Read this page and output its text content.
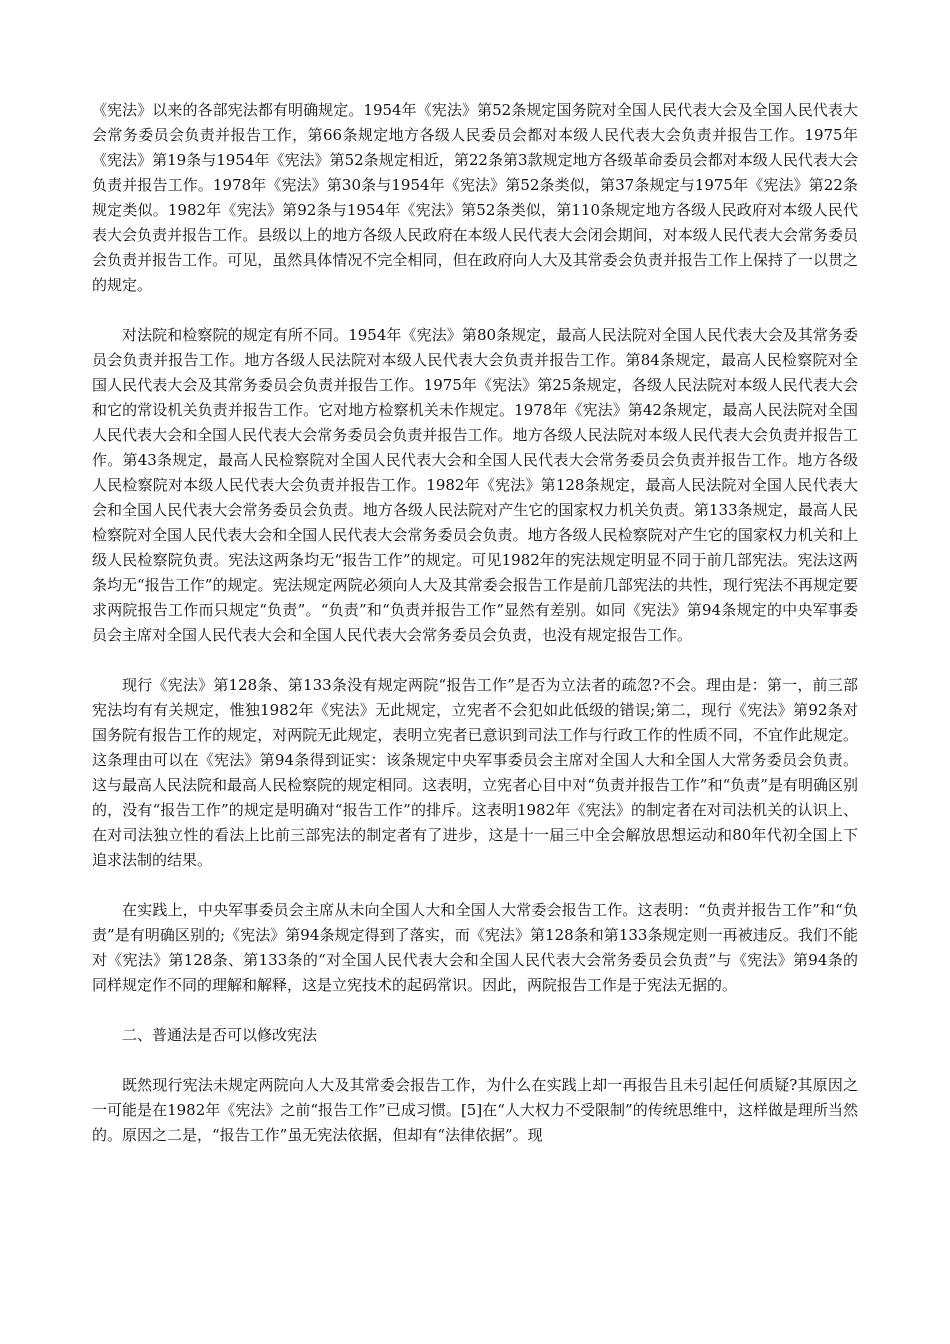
《宪法》以来的各部宪法都有明确规定。1954年《宪法》第52条规定国务院对全国人民代表大会及全国人民代表大会常务委员会负责并报告工作，第66条规定地方各级人民委员会都对本级人民代表大会负责并报告工作。1975年《宪法》第19条与1954年《宪法》第52条规定相近，第22条第3款规定地方各级革命委员会都对本级人民代表大会负责并报告工作。1978年《宪法》第30条与1954年《宪法》第52条类似，第37条规定与1975年《宪法》第22条规定类似。1982年《宪法》第92条与1954年《宪法》第52条类似，第110条规定地方各级人民政府对本级人民代表大会负责并报告工作。县级以上的地方各级人民政府在本级人民代表大会闭会期间，对本级人民代表大会常务委员会负责并报告工作。可见，虽然具体情况不完全相同，但在政府向人大及其常委会负责并报告工作上保持了一以贯之的规定。

对法院和检察院的规定有所不同。1954年《宪法》第80条规定，最高人民法院对全国人民代表大会及其常务委员会负责并报告工作。地方各级人民法院对本级人民代表大会负责并报告工作。第84条规定，最高人民检察院对全国人民代表大会及其常务委员会负责并报告工作。1975年《宪法》第25条规定，各级人民法院对本级人民代表大会和它的常设机关负责并报告工作。它对地方检察机关未作规定。1978年《宪法》第42条规定，最高人民法院对全国人民代表大会和全国人民代表大会常务委员会负责并报告工作。地方各级人民法院对本级人民代表大会负责并报告工作。第43条规定，最高人民检察院对全国人民代表大会和全国人民代表大会常务委员会负责并报告工作。地方各级人民检察院对本级人民代表大会负责并报告工作。1982年《宪法》第128条规定，最高人民法院对全国人民代表大会和全国人民代表大会常务委员会负责。地方各级人民法院对产生它的国家权力机关负责。第133条规定，最高人民检察院对全国人民代表大会和全国人民代表大会常务委员会负责。地方各级人民检察院对产生它的国家权力机关和上级人民检察院负责。宪法这两条均无“报告工作”的规定。可见1982年的宪法规定明显不同于前几部宪法。宪法这两条均无“报告工作”的规定。宪法规定两院必须向人大及其常委会报告工作是前几部宪法的共性，现行宪法不再规定要求两院报告工作而只规定“负责”。“负责”和“负责并报告工作”显然有差别。如同《宪法》第94条规定的中央军事委员会主席对全国人民代表大会和全国人民代表大会常务委员会负责，也没有规定报告工作。

现行《宪法》第128条、第133条没有规定两院“报告工作”是否为立法者的疏忽?不会。理由是：第一，前三部宪法均有有关规定，惟独1982年《宪法》无此规定，立宪者不会犯如此低级的错误;第二，现行《宪法》第92条对国务院有报告工作的规定，对两院无此规定，表明立宪者已意识到司法工作与行政工作的性质不同，不宜作此规定。这条理由可以在《宪法》第94条得到证实：该条规定中央军事委员会主席对全国人大和全国人大常务委员会负责。这与最高人民法院和最高人民检察院的规定相同。这表明，立宪者心目中对“负责并报告工作”和“负责”是有明确区别的，没有“报告工作”的规定是明确对“报告工作”的排斥。这表明1982年《宪法》的制定者在对司法机关的认识上、在对司法独立性的看法上比前三部宪法的制定者有了进步，这是十一届三中全会解放思想运动和80年代初全国上下追求法制的结果。

在实践上，中央军事委员会主席从未向全国人大和全国人大常委会报告工作。这表明：“负责并报告工作”和“负责”是有明确区别的;《宪法》第94条规定得到了落实，而《宪法》第128条和第133条规定则一再被违反。我们不能对《宪法》第128条、第133条的“对全国人民代表大会和全国人民代表大会常务委员会负责”与《宪法》第94条的同样规定作不同的理解和解释，这是立宪技术的起码常识。因此，两院报告工作是于宪法无据的。

二、普通法是否可以修改宪法

既然现行宪法未规定两院向人大及其常委会报告工作，为什么在实践上却一再报告且未引起任何质疑?其原因之一可能是在1982年《宪法》之前“报告工作”已成习惯。[5]在“人大权力不受限制”的传统思维中，这样做是理所当然的。原因之二是，“报告工作”虽无宪法依据，但却有“法律依据”。现
